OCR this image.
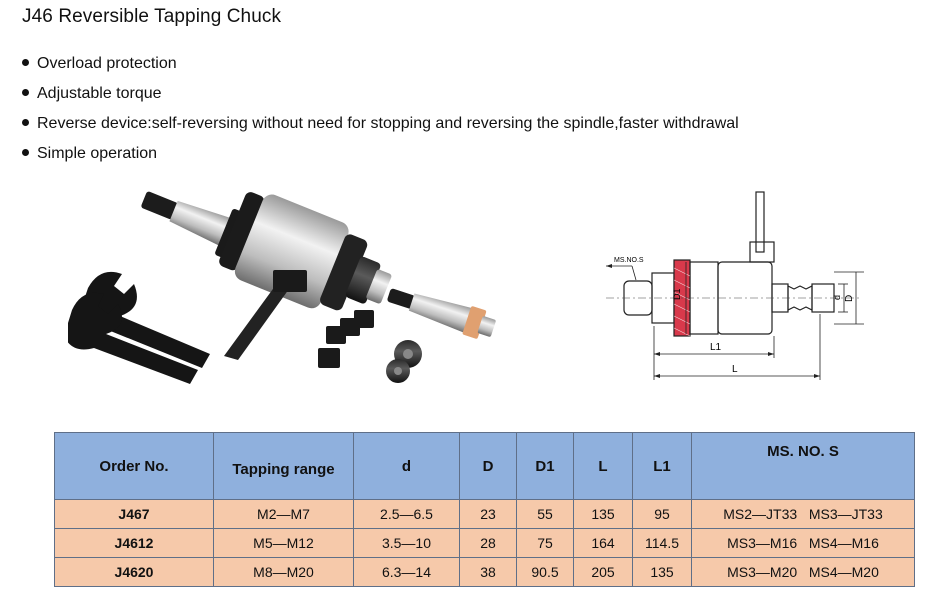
J46 Reversible Tapping Chuck
Overload protection
Adjustable torque
Reverse device:self-reversing without need for stopping and reversing the spindle,faster withdrawal
Simple operation
MS.NO.S
D1
L1
L
d D
Order No.	Tapping range	d	D	D1	L	L1	MS. NO. S
J467	M2—M7	2.5—6.5	23	55	135	95	MS2—JT33   MS3—JT33
J4612	M5—M12	3.5—10	28	75	164	114.5	MS3—M16   MS4—M16
J4620	M8—M20	6.3—14	38	90.5	205	135	MS3—M20   MS4—M20
